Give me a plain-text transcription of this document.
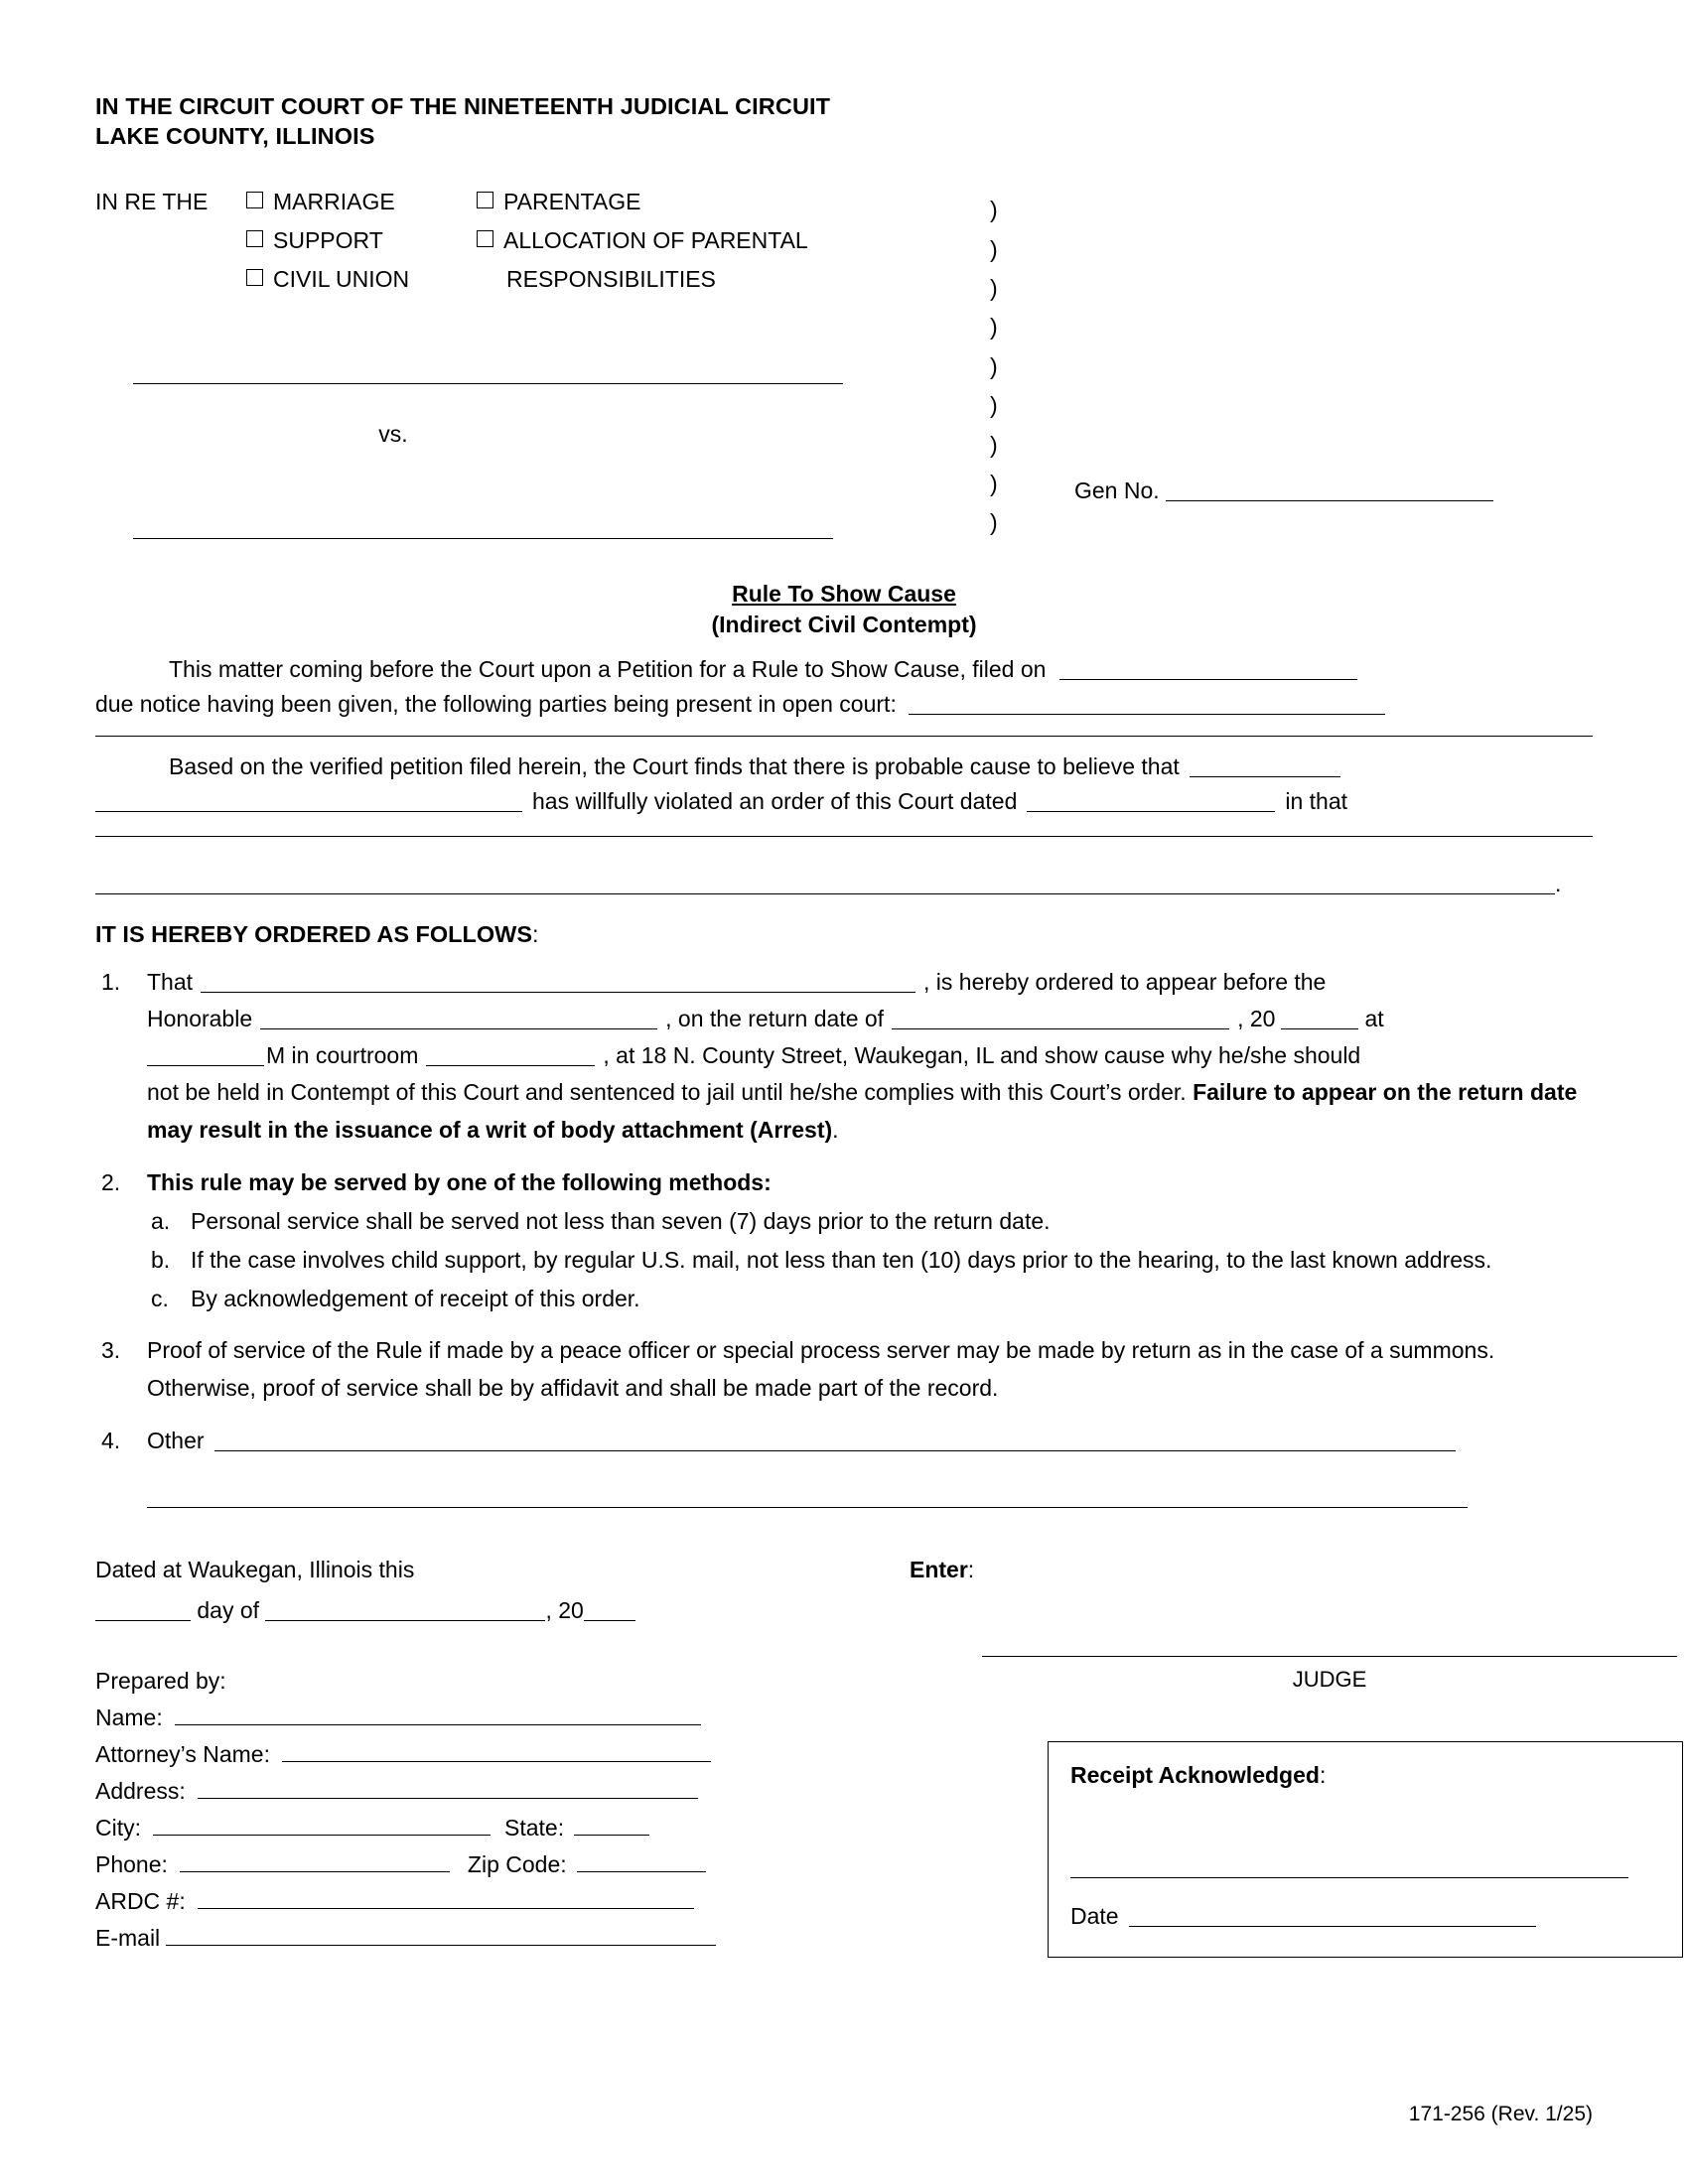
IN THE CIRCUIT COURT OF THE NINETEENTH JUDICIAL CIRCUIT
LAKE COUNTY, ILLINOIS
)
)
)
)
)
)
)
)
)
IN RE THE	MARRIAGE	PARENTAGE
SUPPORT	ALLOCATION OF PARENTAL
CIVIL UNION	RESPONSIBILITIES
vs.
Gen No.
Rule To Show Cause
(Indirect Civil Contempt)
This matter coming before the Court upon a Petition for a Rule to Show Cause, filed on
due notice having been given, the following parties being present in open court:
Based on the verified petition filed herein, the Court finds that there is probable cause to believe that
has willfully violated an order of this Court dated	in that
.
IT IS HEREBY ORDERED AS FOLLOWS:
1. That	, is hereby ordered to appear before the
Honorable	, on the return date of	, 20	at
M in courtroom	, at 18 N. County Street, Waukegan, IL and show cause why he/she should
not be held in Contempt of this Court and sentenced to jail until he/she complies with this Court’s order. Failure to appear on the return date may result in the issuance of a writ of body attachment (Arrest).
2. This rule may be served by one of the following methods:
a. Personal service shall be served not less than seven (7) days prior to the return date.
b. If the case involves child support, by regular U.S. mail, not less than ten (10) days prior to the hearing, to the last known address.
c. By acknowledgement of receipt of this order.
3. Proof of service of the Rule if made by a peace officer or special process server may be made by return as in the case of a summons. Otherwise, proof of service shall be by affidavit and shall be made part of the record.
4. Other
Dated at Waukegan, Illinois this
day of	, 20
Enter:
JUDGE
Prepared by:
Name:
Attorney’s Name:
Address:
City:	State:
Phone:	Zip Code:
ARDC #:
E-mail
Receipt Acknowledged:
Date
171-256 (Rev. 1/25)
